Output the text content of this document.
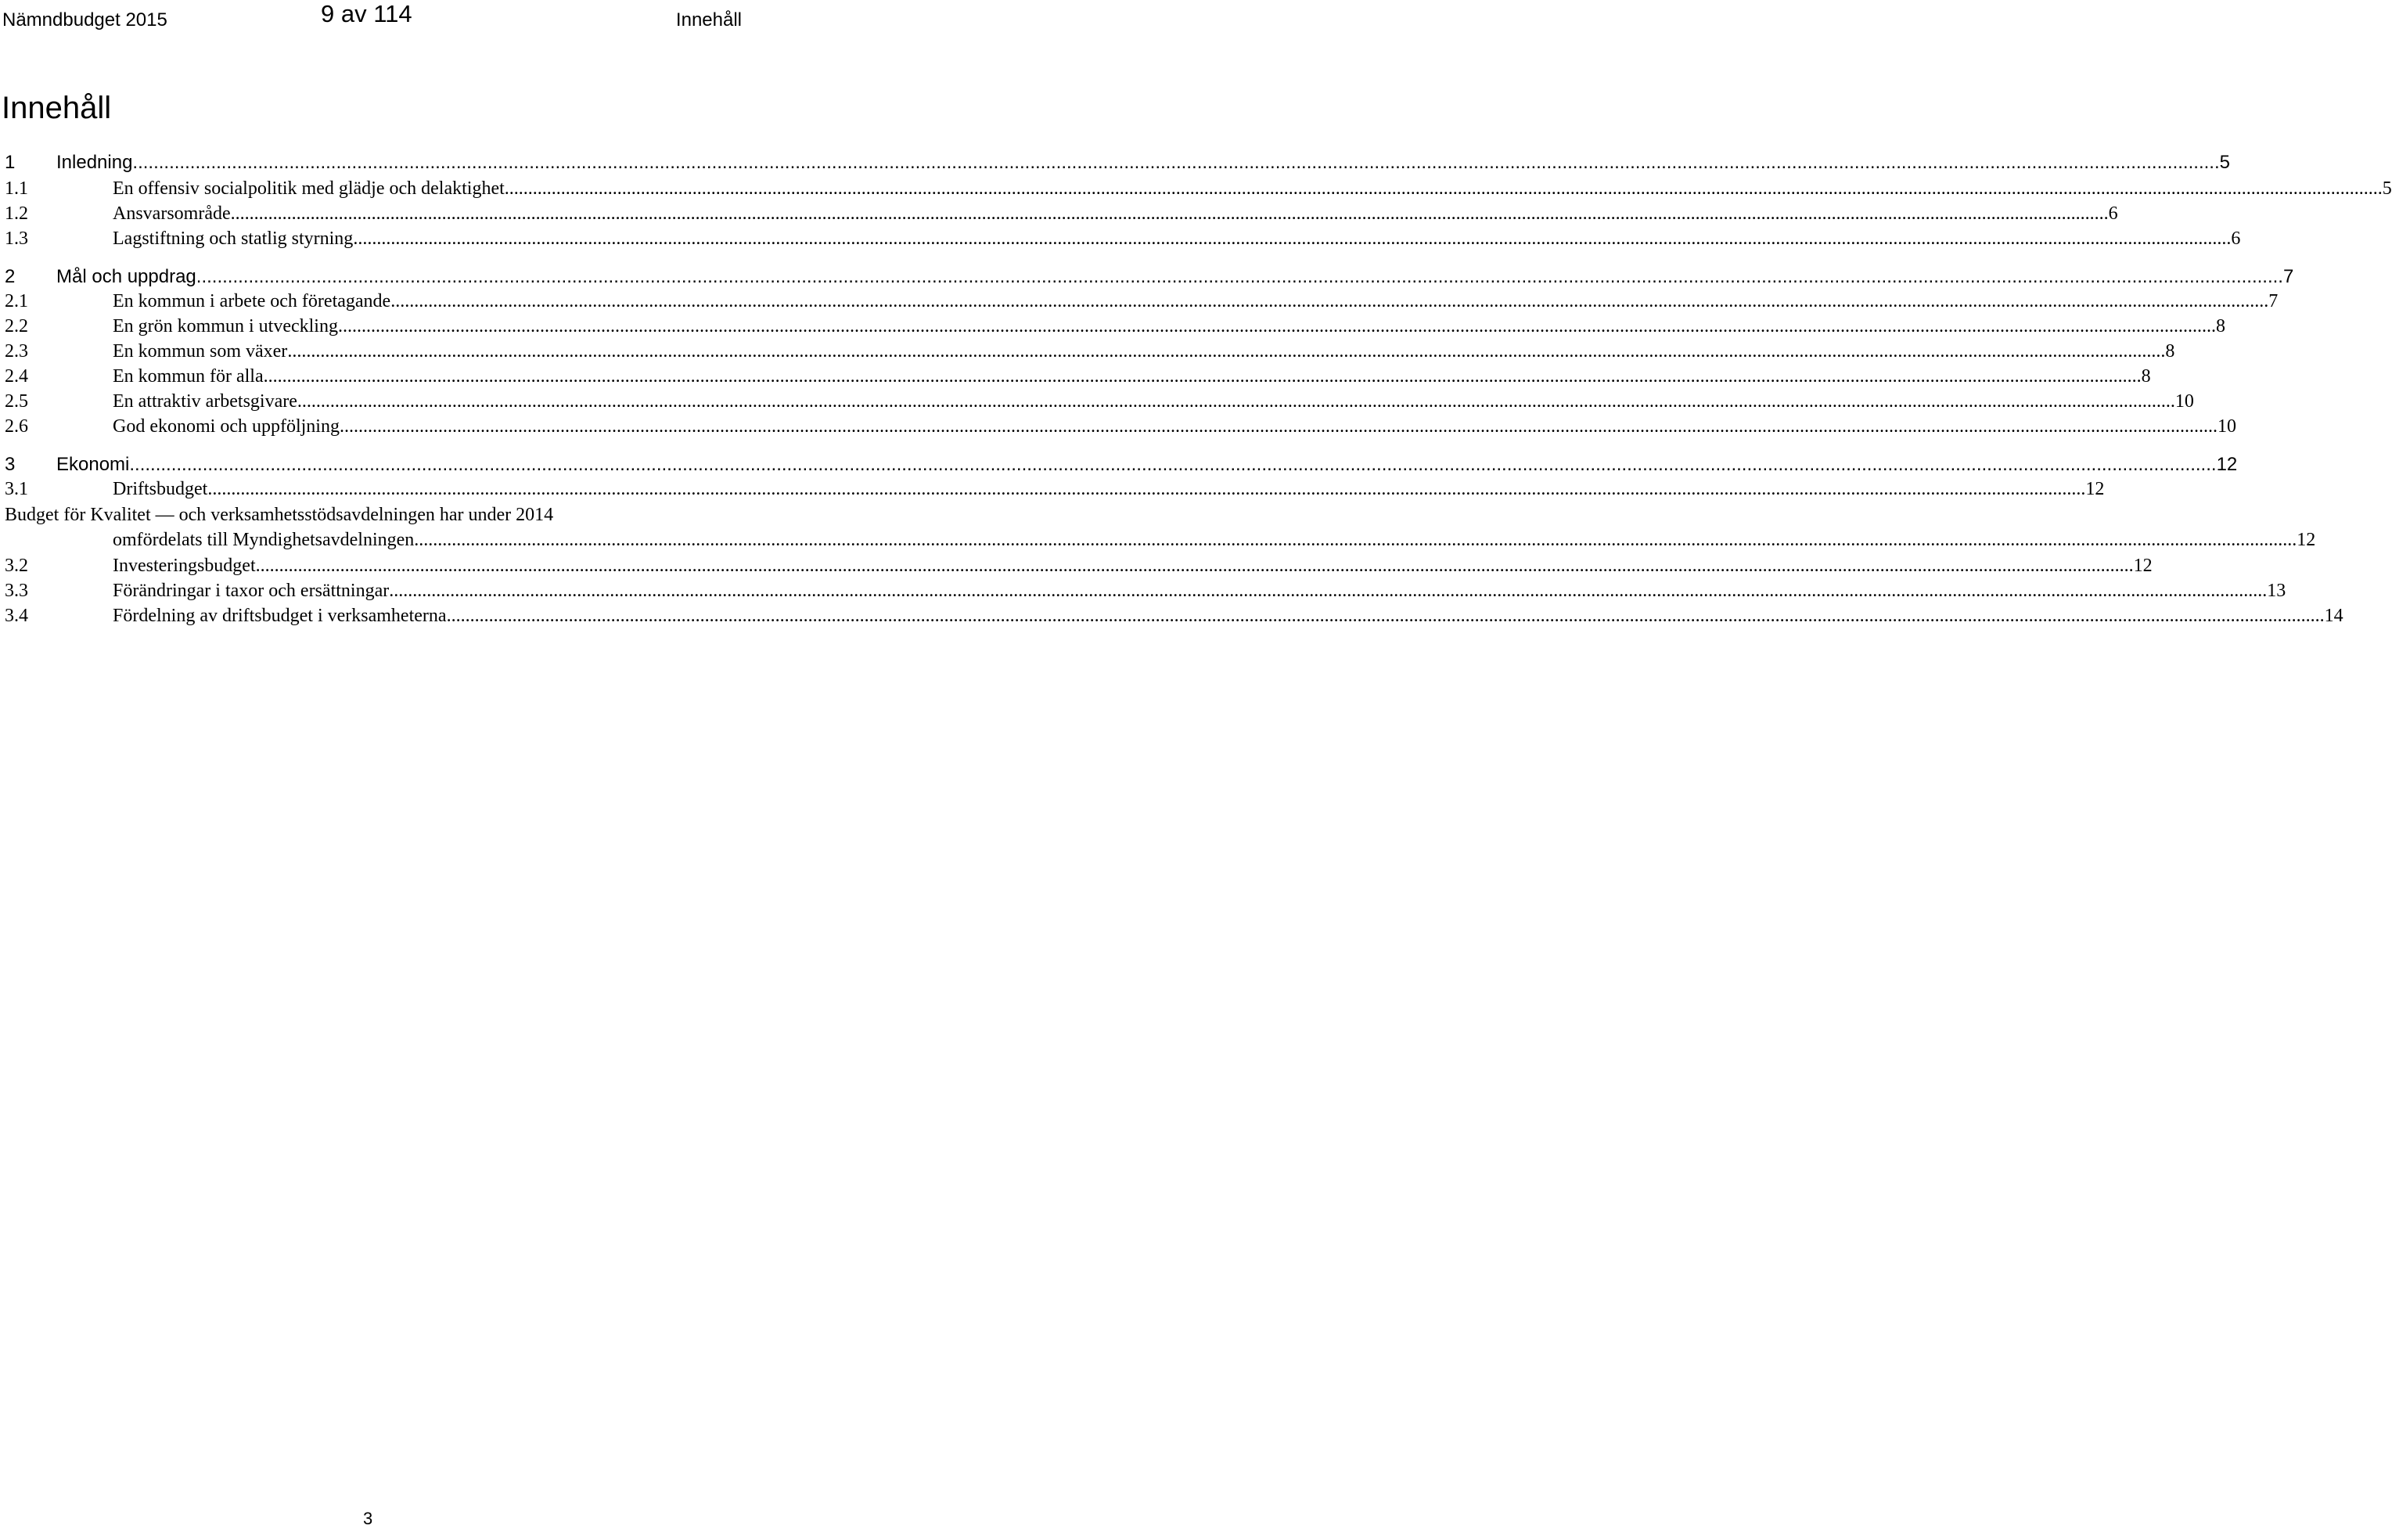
Nämndbudget 2015	9 av 114	Innehåll
Innehåll
1 Inledning ................................................................................................................................................................................................................................................................................................................................................................................................................ 5
1.1	En offensiv socialpolitik med glädje och delaktighet ................................................................................................................................................................................................................................................................................................................................................................................................................ 5
1.2	Ansvarsområde ................................................................................................................................................................................................................................................................................................................................................................................................................ 6
1.3	Lagstiftning och statlig styrning ................................................................................................................................................................................................................................................................................................................................................................................................................ 6
2 Mål och uppdrag ................................................................................................................................................................................................................................................................................................................................................................................................................ 7
2.1	En kommun i arbete och företagande ................................................................................................................................................................................................................................................................................................................................................................................................................ 7
2.2	En grön kommun i utveckling ................................................................................................................................................................................................................................................................................................................................................................................................................ 8
2.3	En kommun som växer ................................................................................................................................................................................................................................................................................................................................................................................................................ 8
2.4	En kommun för alla ................................................................................................................................................................................................................................................................................................................................................................................................................ 8
2.5	En attraktiv arbetsgivare ................................................................................................................................................................................................................................................................................................................................................................................................................ 10
2.6	God ekonomi och uppföljning ................................................................................................................................................................................................................................................................................................................................................................................................................ 10
3 Ekonomi ................................................................................................................................................................................................................................................................................................................................................................................................................ 12
3.1	Driftsbudget ................................................................................................................................................................................................................................................................................................................................................................................................................ 12
Budget för Kvalitet — och verksamhetsstödsavdelningen har under 2014
omfördelats till Myndighetsavdelningen. ................................................................................................................................................................................................................................................................................................................................................................................................................ 12
3.2	Investeringsbudget ................................................................................................................................................................................................................................................................................................................................................................................................................ 12
3.3	Förändringar i taxor och ersättningar ................................................................................................................................................................................................................................................................................................................................................................................................................ 13
3.4	Fördelning av driftsbudget i verksamheterna ................................................................................................................................................................................................................................................................................................................................................................................................................ 14
3
